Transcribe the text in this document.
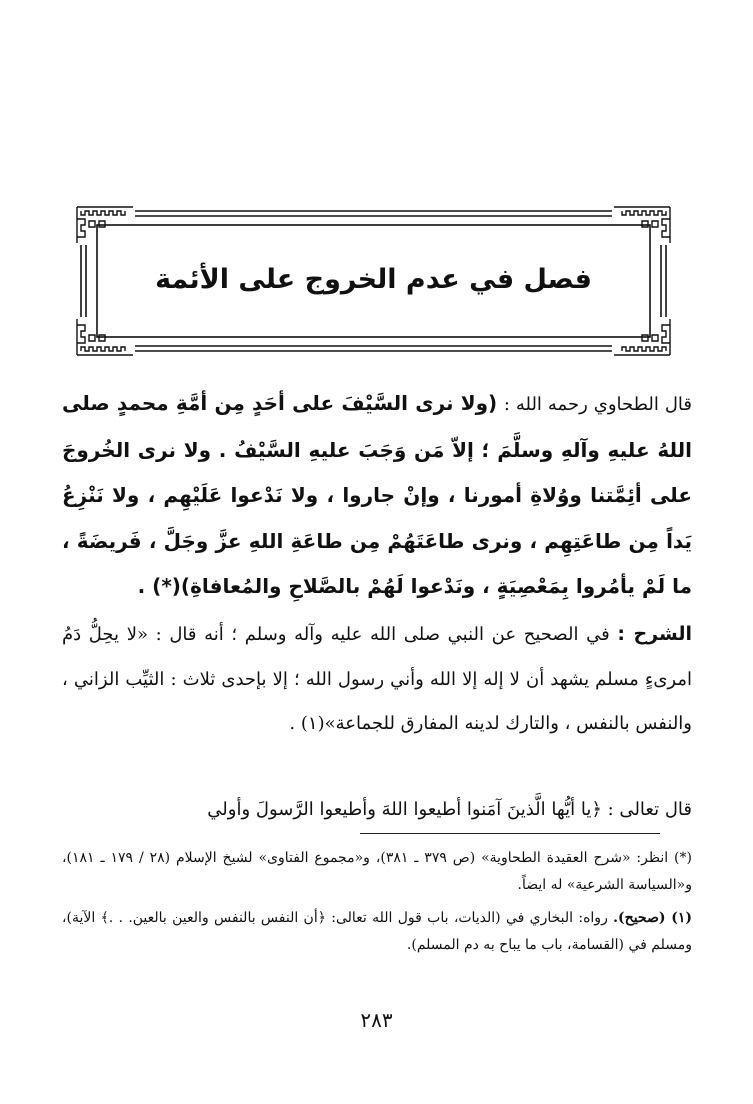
فصل في عدم الخروج على الأئمة

قال الطحاوي رحمه الله : (ولا نرى السَّيْفَ على أحَدٍ مِن أمَّةِ محمدٍ صلى اللهُ عليهِ وآلهِ وسلَّمَ ؛ إلاّ مَن وَجَبَ عليهِ السَّيْفُ . ولا نرى الخُروجَ على أئِمَّتنا ووُلاةِ أمورنا ، وإنْ جاروا ، ولا نَدْعوا عَلَيْهِم ، ولا نَنْزِعُ يَداً مِن طاعَتِهِم ، ونرى طاعَتَهُمْ مِن طاعَةِ اللهِ عزَّ وجَلَّ ، فَريضَةً ، ما لَمْ يأمُروا بِمَعْصِيَةٍ ، ونَدْعوا لَهُمْ بالصَّلاحِ والمُعافاةِ)(*) .

الشرح : في الصحيح عن النبي صلى الله عليه وآله وسلم ؛ أنه قال : «لا يحِلُّ دَمُ امرىءٍ مسلم يشهد أن لا إله إلا الله وأني رسول الله ؛ إلا بإحدى ثلاث : الثيِّب الزاني ، والنفس بالنفس ، والتارك لدينه المفارق للجماعة»(١) .

قال تعالى : ﴿يا أيُّها الَّذينَ آمَنوا أطيعوا اللهَ وأطيعوا الرَّسولَ وأولي

(*) انظر: «شرح العقيدة الطحاوية» (ص ٣٧٩ ـ ٣٨١)، و«مجموع الفتاوى» لشيخ الإسلام (٢٨ / ١٧٩ ـ ١٨١)، و«السياسة الشرعية» له ايضاً.

(١) (صحيح). رواه: البخاري في (الديات، باب قول الله تعالى: ﴿أن النفس بالنفس والعين بالعين. . .﴾ الآية)، ومسلم في (القسامة، باب ما يباح به دم المسلم).

٢٨٣
